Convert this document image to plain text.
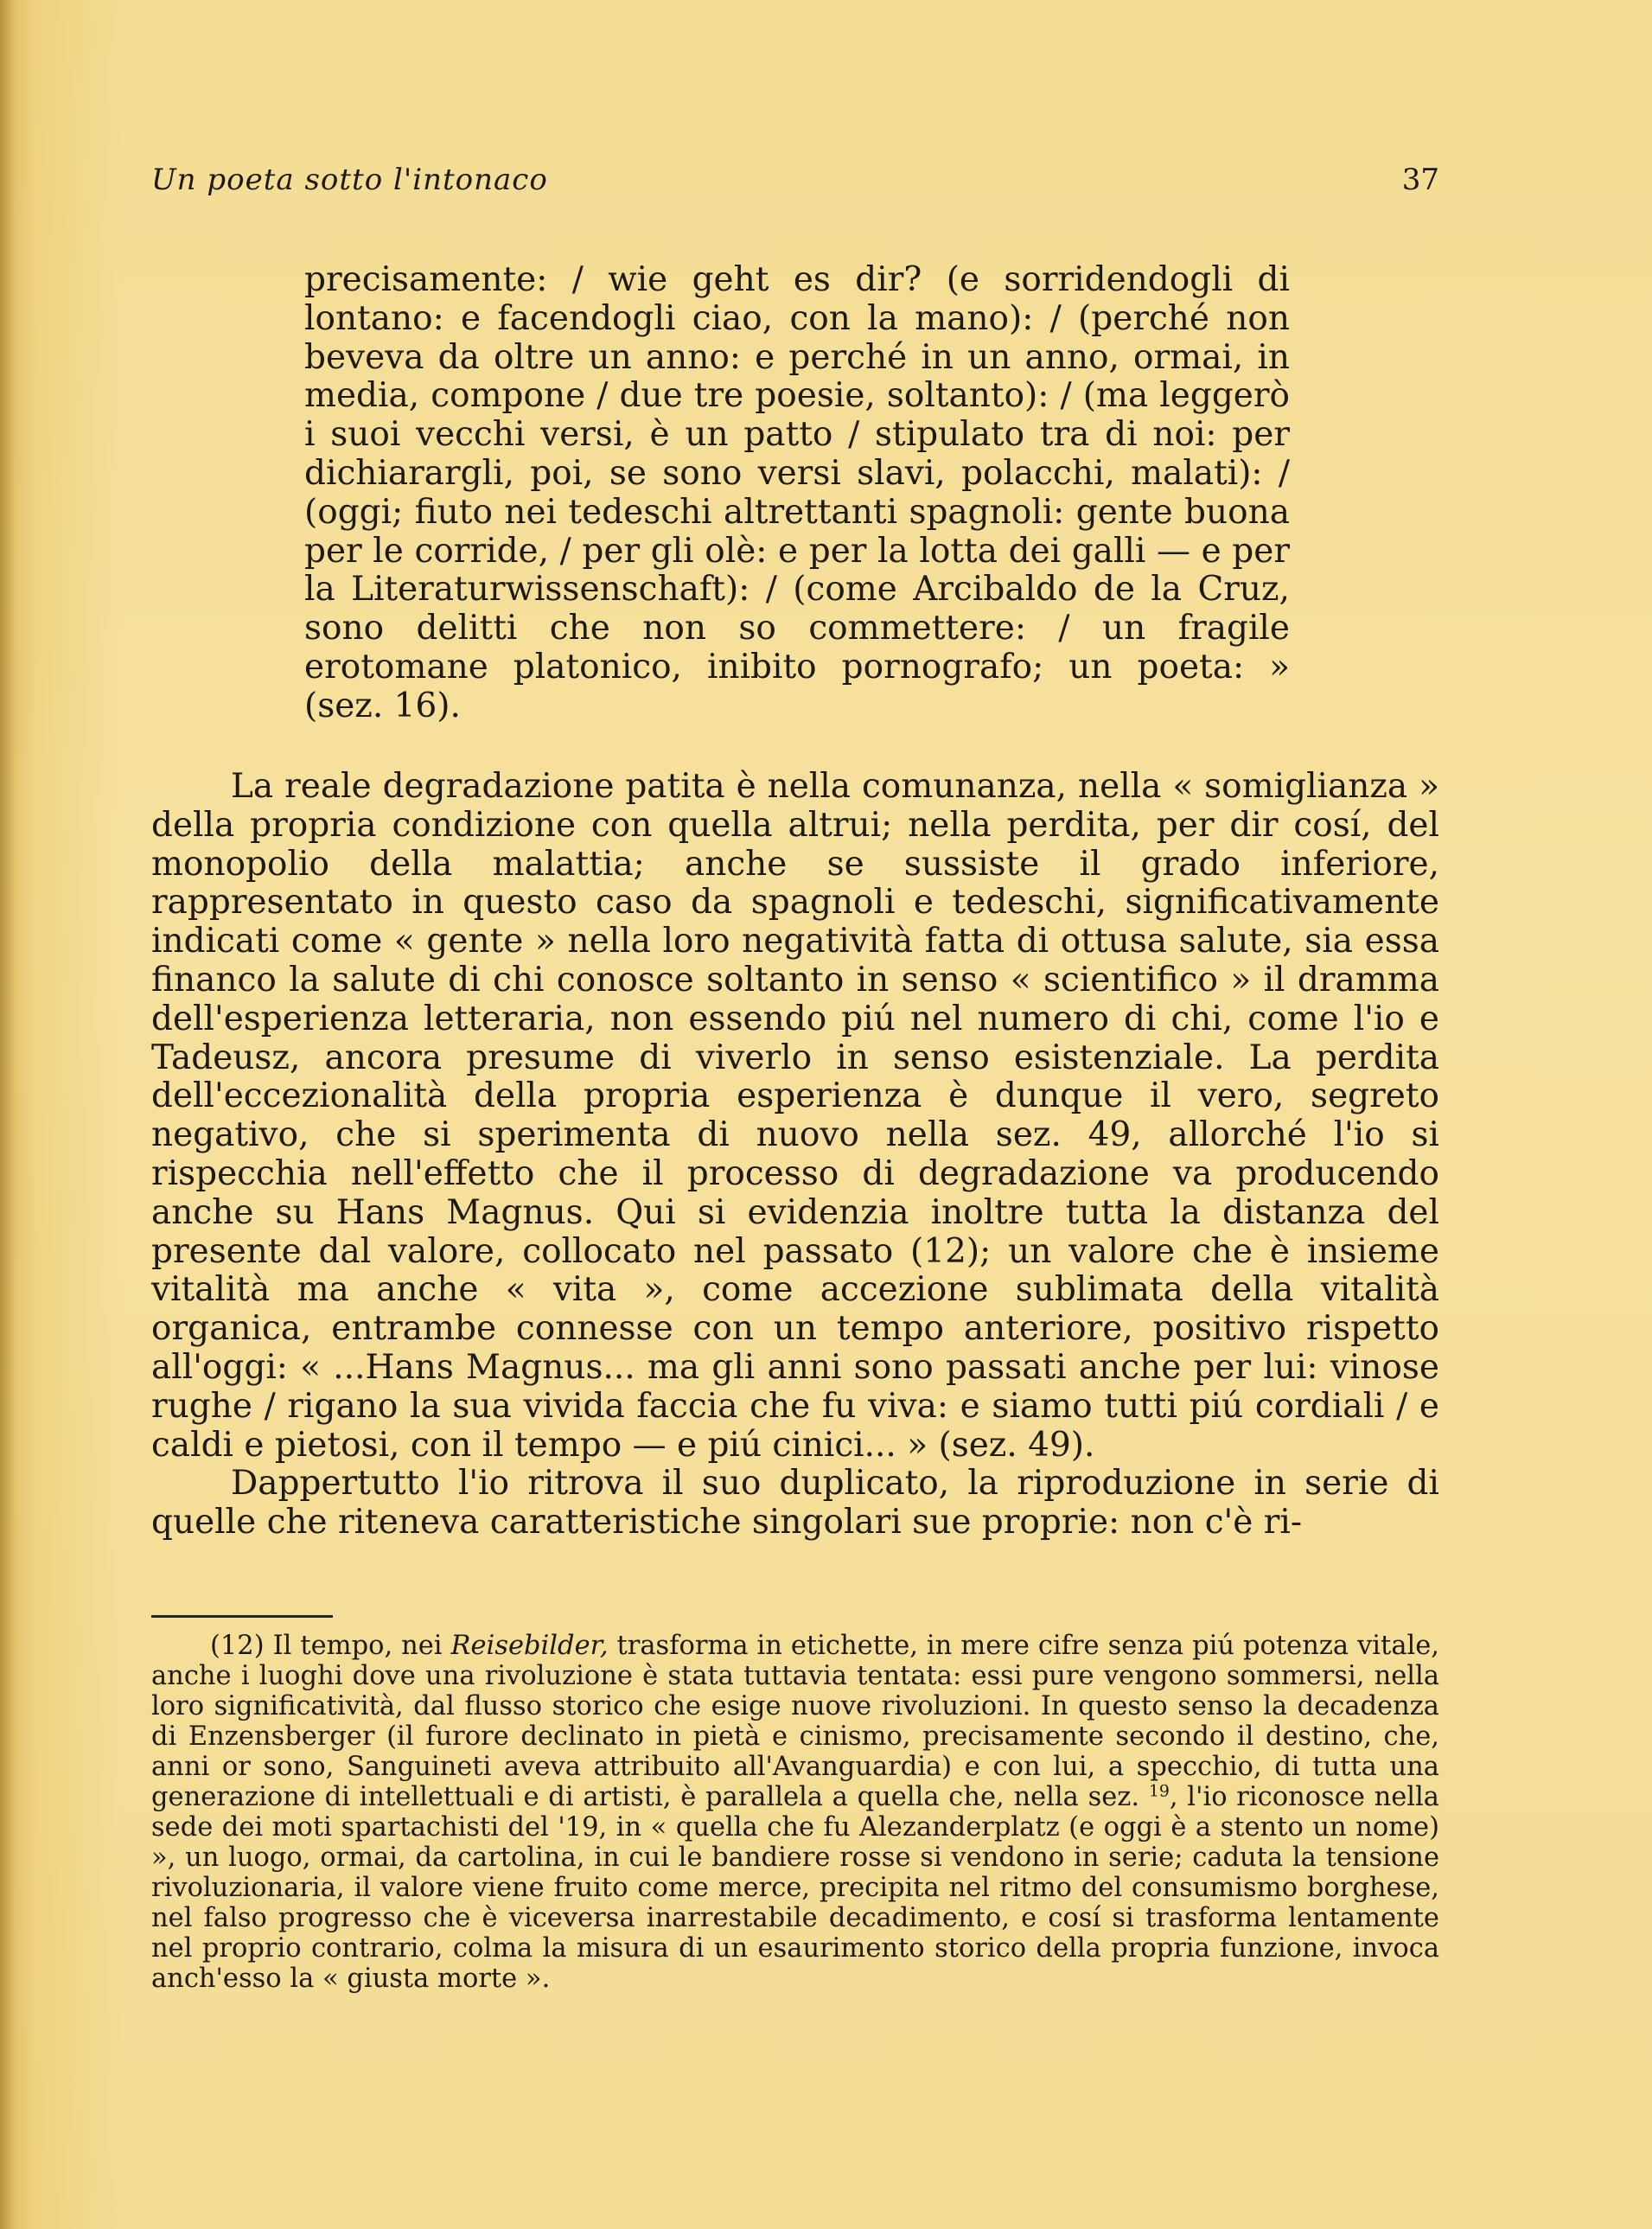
Un poeta sotto l'intonaco	37
precisamente: / wie geht es dir? (e sorridendogli di lontano: e facendogli ciao, con la mano): / (perché non beveva da oltre un anno: e perché in un anno, ormai, in media, compone / due tre poesie, soltanto): / (ma leggerò i suoi vecchi versi, è un patto / stipulato tra di noi: per dichiarargli, poi, se sono versi slavi, polacchi, malati): / (oggi; fiuto nei tedeschi altrettanti spagnoli: gente buona per le corride, / per gli olè: e per la lotta dei galli — e per la Literaturwissenschaft): / (come Arcibaldo de la Cruz, sono delitti che non so commettere: / un fragile erotomane platonico, inibito pornografo; un poeta: » (sez. 16).

La reale degradazione patita è nella comunanza, nella « somiglianza » della propria condizione con quella altrui; nella perdita, per dir cosí, del monopolio della malattia; anche se sussiste il grado inferiore, rappresentato in questo caso da spagnoli e tedeschi, significativamente indicati come « gente » nella loro negatività fatta di ottusa salute, sia essa financo la salute di chi conosce soltanto in senso « scientifico » il dramma dell'esperienza letteraria, non essendo piú nel numero di chi, come l'io e Tadeusz, ancora presume di viverlo in senso esistenziale. La perdita dell'eccezionalità della propria esperienza è dunque il vero, segreto negativo, che si sperimenta di nuovo nella sez. 49, allorché l'io si rispecchia nell'effetto che il processo di degradazione va producendo anche su Hans Magnus. Qui si evidenzia inoltre tutta la distanza del presente dal valore, collocato nel passato (12); un valore che è insieme vitalità ma anche « vita », come accezione sublimata della vitalità organica, entrambe connesse con un tempo anteriore, positivo rispetto all'oggi: « ...Hans Magnus... ma gli anni sono passati anche per lui: vinose rughe / rigano la sua vivida faccia che fu viva: e siamo tutti piú cordiali / e caldi e pietosi, con il tempo — e piú cinici... » (sez. 49).

Dappertutto l'io ritrova il suo duplicato, la riproduzione in serie di quelle che riteneva caratteristiche singolari sue proprie: non c'è ri-

(12) Il tempo, nei Reisebilder, trasforma in etichette, in mere cifre senza piú potenza vitale, anche i luoghi dove una rivoluzione è stata tuttavia tentata: essi pure vengono sommersi, nella loro significatività, dal flusso storico che esige nuove rivoluzioni. In questo senso la decadenza di Enzensberger (il furore declinato in pietà e cinismo, precisamente secondo il destino, che, anni or sono, Sanguineti aveva attribuito all'Avanguardia) e con lui, a specchio, di tutta una generazione di intellettuali e di artisti, è parallela a quella che, nella sez. $^{19}$, l'io riconosce nella sede dei moti spartachisti del '19, in « quella che fu Alezanderplatz (e oggi è a stento un nome) », un luogo, ormai, da cartolina, in cui le bandiere rosse si vendono in serie; caduta la tensione rivoluzionaria, il valore viene fruito come merce, precipita nel ritmo del consumismo borghese, nel falso progresso che è viceversa inarrestabile decadimento, e cosí si trasforma lentamente nel proprio contrario, colma la misura di un esaurimento storico della propria funzione, invoca anch'esso la « giusta morte ».
